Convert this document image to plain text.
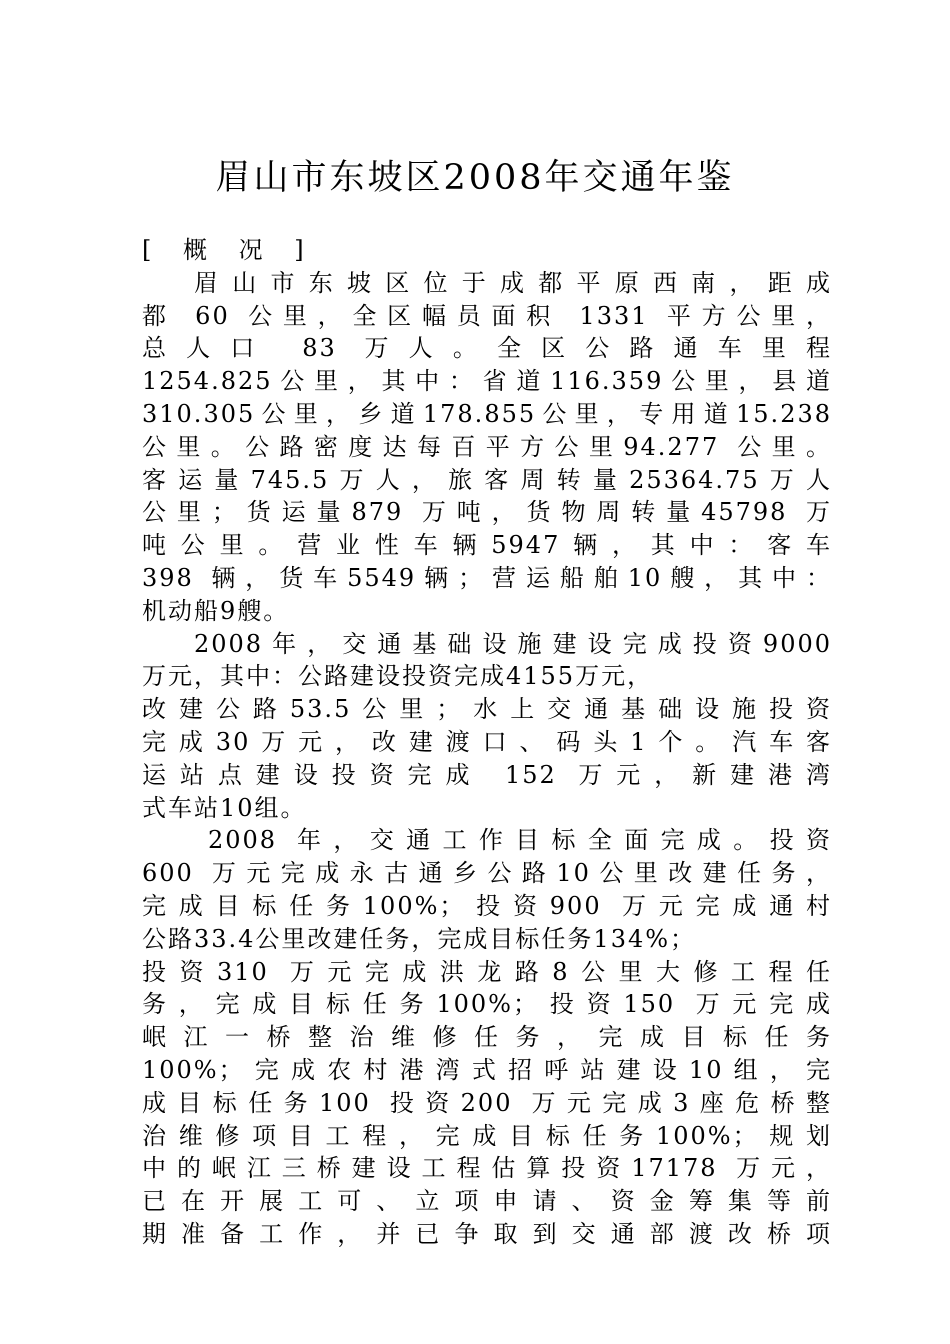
眉山市东坡区2008年交通年鉴
[ 概 况 ]
眉山市东坡区位于成都平原西南，距成
都 60 公里，全区幅员面积 1331 平方公里，
总人口 83 万人。全区公路通车里程
1254.825公里，其中：省道116.359公里，县道
310.305公里，乡道178.855公里，专用道15.238
公里。公路密度达每百平方公里94.277 公里。
客运量745.5万人，旅客周转量25364.75万人
公里；货运量879 万吨，货物周转量45798 万
吨公里。营业性车辆5947辆，其中：客车
398 辆，货车5549辆；营运船舶10艘，其中：
机动船9艘。
2008年，交通基础设施建设完成投资9000
万元，其中：公路建设投资完成4155万元，
改建公路53.5公里；水上交通基础设施投资
完成30万元，改建渡口、码头1个。汽车客
运站点建设投资完成 152 万元，新建港湾
式车站10组。
2008 年，交通工作目标全面完成。投资
600 万元完成永古通乡公路10公里改建任务，
完成目标任务100%；投资900 万元完成通村
公路33.4公里改建任务，完成目标任务134%；
投资310 万元完成洪龙路8公里大修工程任
务，完成目标任务100%；投资150 万元完成
岷江一桥整治维修任务，完成目标任务
100%；完成农村港湾式招呼站建设10组，完
成目标任务100 投资200 万元完成3座危桥整
治维修项目工程，完成目标任务100%；规划
中的岷江三桥建设工程估算投资17178 万元，
已在开展工可、立项申请、资金筹集等前
期准备工作，并已争取到交通部渡改桥项
